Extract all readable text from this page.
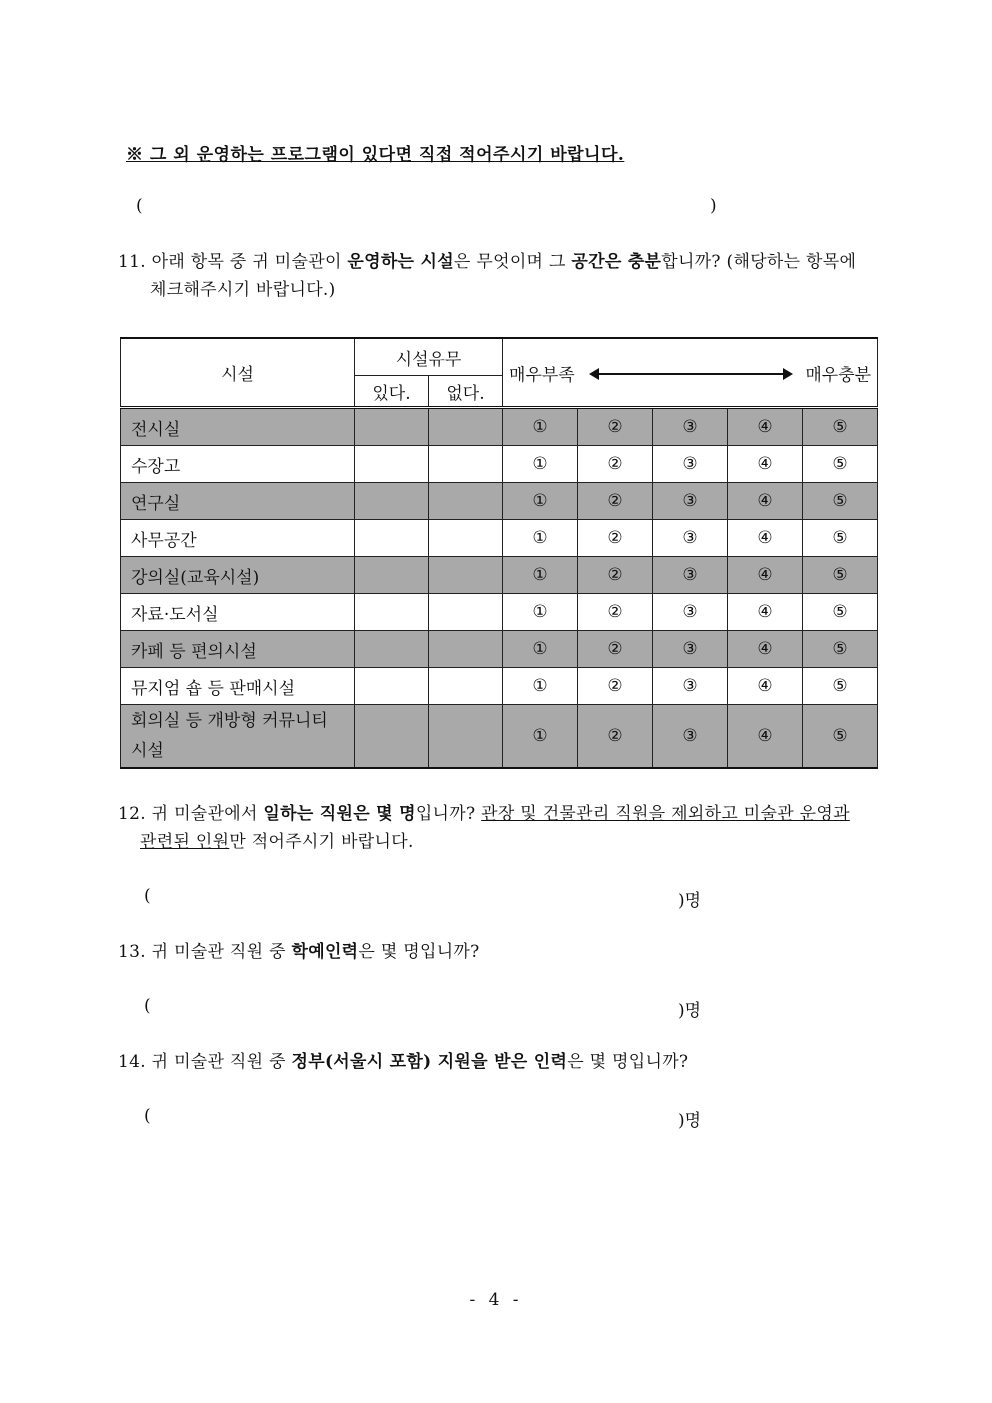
※ 그 외 운영하는 프로그램이 있다면 직접 적어주시기 바랍니다.
(	)
11. 아래 항목 중 귀 미술관이 운영하는 시설은 무엇이며 그 공간은 충분합니까? (해당하는 항목에
체크해주시기 바랍니다.)
시설	시설유무		매우부족 매우충분				

	있다.	없다.					
전시실			①	②	③	④	⑤
수장고			①	②	③	④	⑤
연구실			①	②	③	④	⑤
사무공간			①	②	③	④	⑤
강의실(교육시설)			①	②	③	④	⑤
자료·도서실			①	②	③	④	⑤
카페 등 편의시설			①	②	③	④	⑤
뮤지엄 숍 등 판매시설			①	②	③	④	⑤
회의실 등 개방형 커뮤니티 시설			①	②	③	④	⑤
12. 귀 미술관에서 일하는 직원은 몇 명입니까? 관장 및 건물관리 직원을 제외하고 미술관 운영과
관련된 인원만 적어주시기 바랍니다.
(	)명
13. 귀 미술관 직원 중 학예인력은 몇 명입니까?
(	)명
14. 귀 미술관 직원 중 정부(서울시 포함) 지원을 받은 인력은 몇 명입니까?
(	)명
- 4 -
